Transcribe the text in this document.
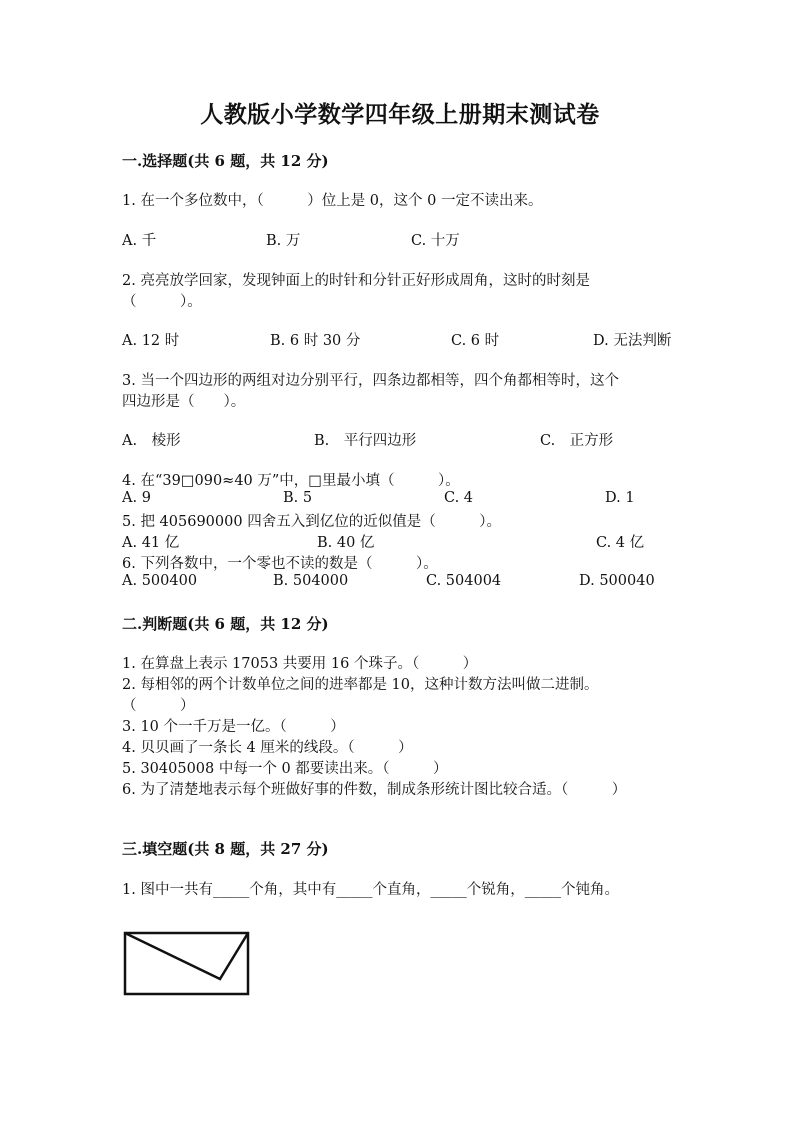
人教版小学数学四年级上册期末测试卷
一.选择题(共 6 题，共 12 分)
1. 在一个多位数中，（　　　）位上是 0，这个 0 一定不读出来。
A. 千	B. 万	C. 十万
2. 亮亮放学回家，发现钟面上的时针和分针正好形成周角，这时的时刻是
（　　　）。
A. 12 时	B. 6 时 30 分	C. 6 时	D. 无法判断
3. 当一个四边形的两组对边分别平行，四条边都相等，四个角都相等时，这个
四边形是（　　）。
A.　棱形	B.　平行四边形	C.　正方形
4. 在“39□090≈40 万”中，□里最小填（　　　）。
A. 9	B. 5	C. 4	D. 1
5. 把 405690000 四舍五入到亿位的近似值是（　　　）。
A. 41 亿	B. 40 亿	C. 4 亿
6. 下列各数中，一个零也不读的数是（　　　）。
A. 500400	B. 504000	C. 504004	D. 500040
二.判断题(共 6 题，共 12 分)
1. 在算盘上表示 17053 共要用 16 个珠子。（　　　）
2. 每相邻的两个计数单位之间的进率都是 10，这种计数方法叫做二进制。
（　　　）
3. 10 个一千万是一亿。（　　　）
4. 贝贝画了一条长 4 厘米的线段。（　　　）
5. 30405008 中每一个 0 都要读出来。（　　　）
6. 为了清楚地表示每个班做好事的件数，制成条形统计图比较合适。（　　　）
三.填空题(共 8 题，共 27 分)
1. 图中一共有_____个角，其中有_____个直角，_____个锐角，_____个钝角。
